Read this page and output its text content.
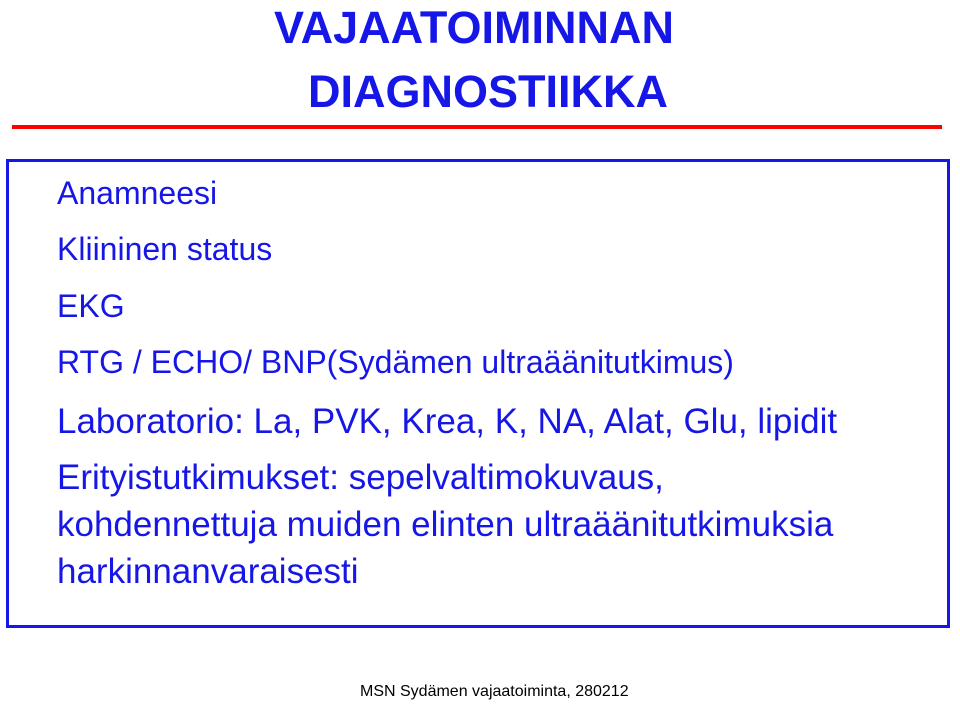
VAJAATOIMINNAN
DIAGNOSTIIKKA
Anamneesi
Kliininen status
EKG
RTG / ECHO/ BNP(Sydämen ultraäänitutkimus)
Laboratorio: La, PVK, Krea, K, NA, Alat, Glu, lipidit
Erityistutkimukset: sepelvaltimokuvaus,
kohdennettuja muiden elinten ultraäänitutkimuksia
harkinnanvaraisesti
MSN Sydämen vajaatoiminta, 280212
